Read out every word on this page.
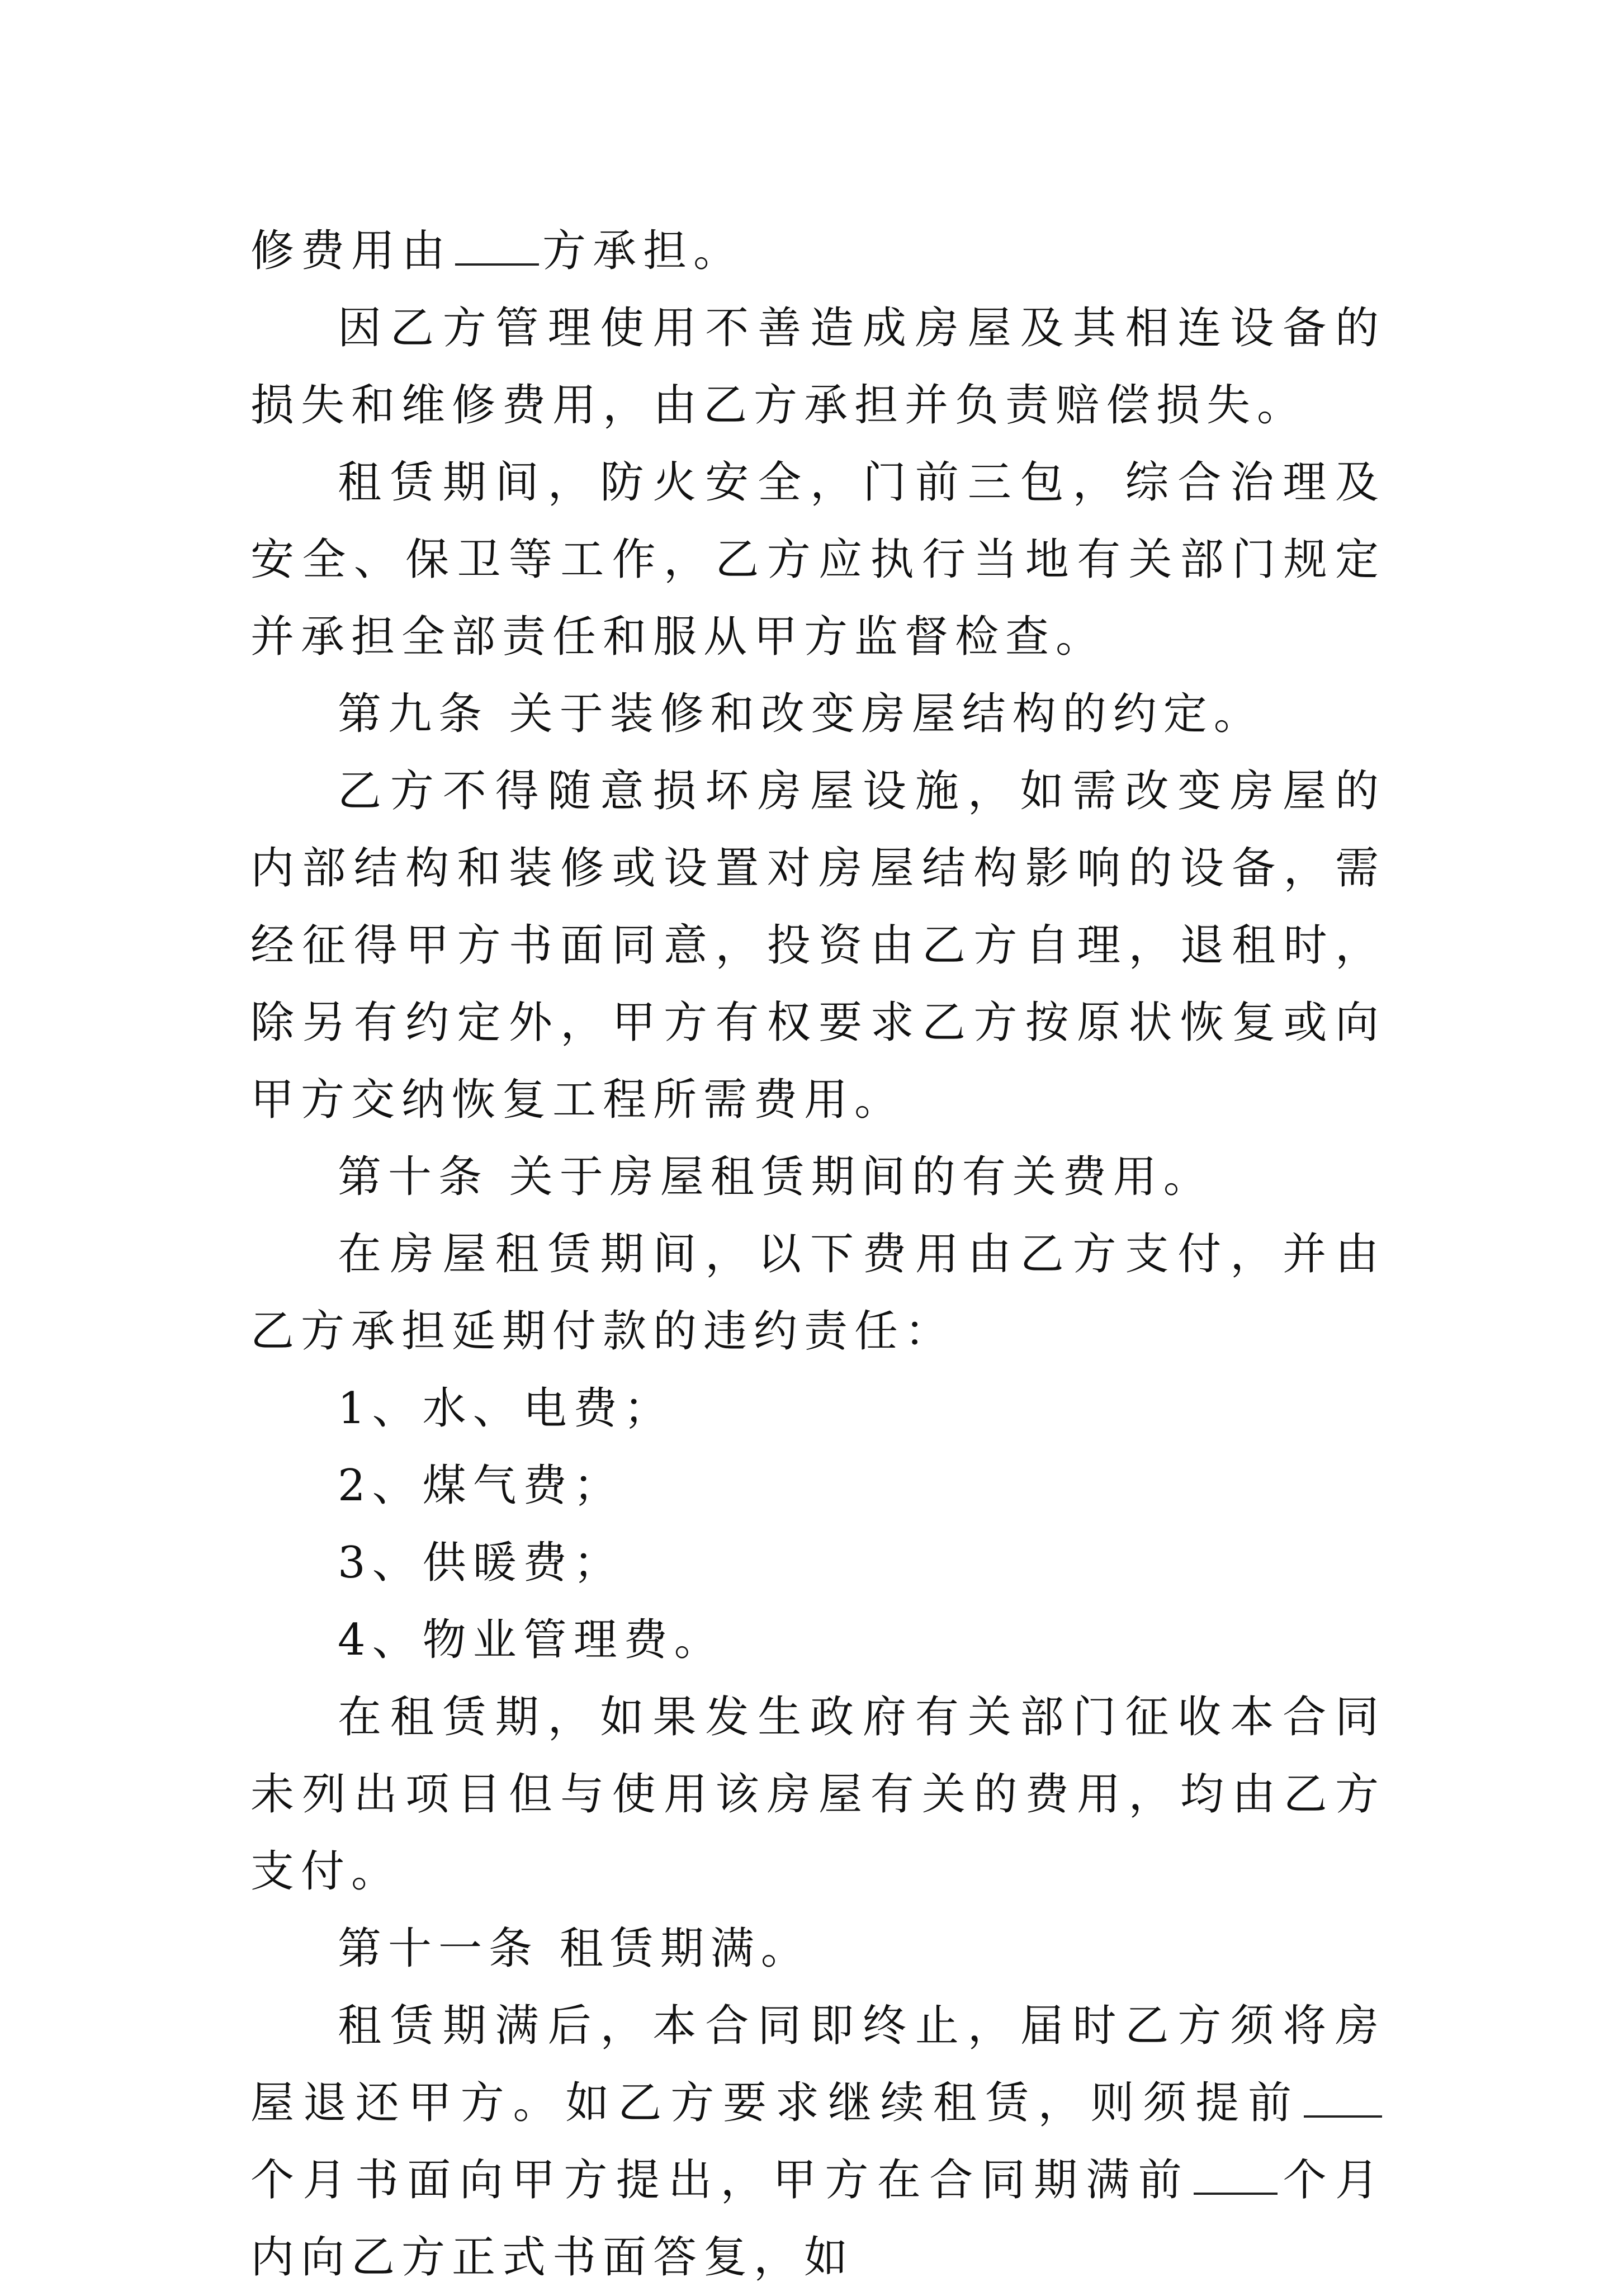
修费用由 方承担。

因乙方管理使用不善造成房屋及其相连设备的损失和维修费用，由乙方承担并负责赔偿损失。

租赁期间，防火安全，门前三包，综合治理及安全、保卫等工作，乙方应执行当地有关部门规定并承担全部责任和服从甲方监督检查。

第九条 关于装修和改变房屋结构的约定。

乙方不得随意损坏房屋设施，如需改变房屋的内部结构和装修或设置对房屋结构影响的设备，需经征得甲方书面同意，投资由乙方自理，退租时，除另有约定外，甲方有权要求乙方按原状恢复或向甲方交纳恢复工程所需费用。

第十条 关于房屋租赁期间的有关费用。

在房屋租赁期间，以下费用由乙方支付，并由乙方承担延期付款的违约责任：

1、水、电费；

2、煤气费；

3、供暖费；

4、物业管理费。

在租赁期，如果发生政府有关部门征收本合同未列出项目但与使用该房屋有关的费用，均由乙方支付。

第十一条 租赁期满。

租赁期满后，本合同即终止，届时乙方须将房屋退还甲方。如乙方要求继续租赁，则须提前个月书面向甲方提出，甲方在合同期满前 个月内向乙方正式书面答复，如
